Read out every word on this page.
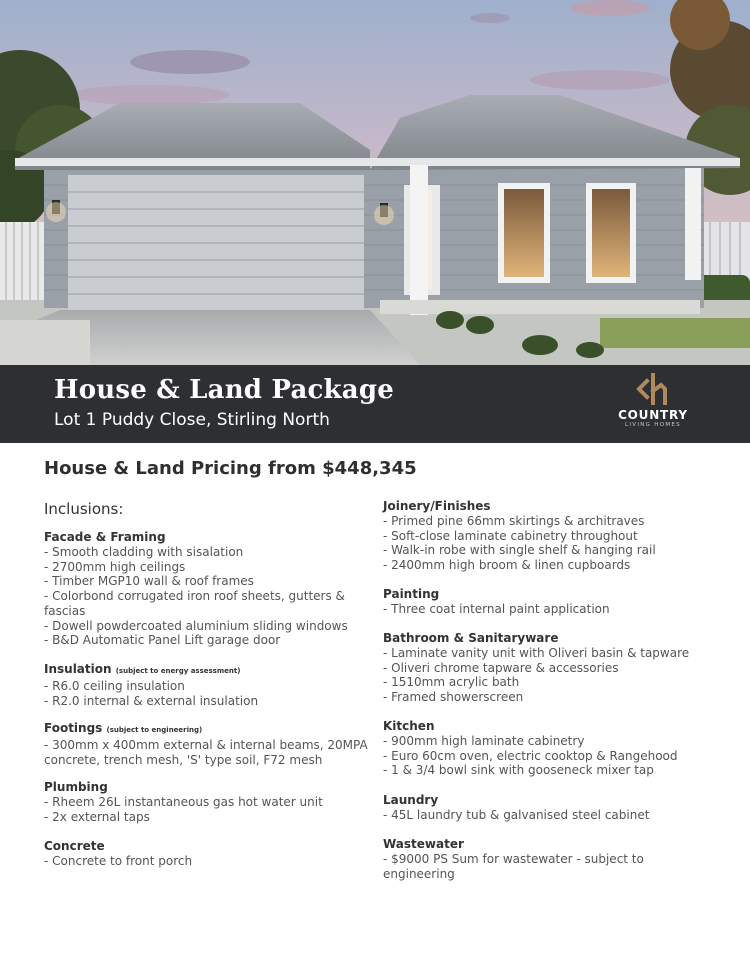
House & Land Package
Lot 1 Puddy Close, Stirling North	COUNTRY
LIVING HOMES
House & Land Pricing from $448,345
Inclusions:
Facade & Framing
- Smooth cladding with sisalation
- 2700mm high ceilings
- Timber MGP10 wall & roof frames
- Colorbond corrugated iron roof sheets, gutters &
fascias
- Dowell powdercoated aluminium sliding windows
- B&D Automatic Panel Lift garage door
Insulation (subject to energy assessment)
- R6.0 ceiling insulation
- R2.0 internal & external insulation
Footings (subject to engineering)
- 300mm x 400mm external & internal beams, 20MPA
concrete, trench mesh, 'S' type soil, F72 mesh
Plumbing
- Rheem 26L instantaneous gas hot water unit
- 2x external taps
Concrete
- Concrete to front porch
Joinery/Finishes
- Primed pine 66mm skirtings & architraves
- Soft-close laminate cabinetry throughout
- Walk-in robe with single shelf & hanging rail
- 2400mm high broom & linen cupboards
Painting
- Three coat internal paint application
Bathroom & Sanitaryware
- Laminate vanity unit with Oliveri basin & tapware
- Oliveri chrome tapware & accessories
- 1510mm acrylic bath
- Framed showerscreen
Kitchen
- 900mm high laminate cabinetry
- Euro 60cm oven, electric cooktop & Rangehood
- 1 & 3/4 bowl sink with gooseneck mixer tap
Laundry
- 45L laundry tub & galvanised steel cabinet
Wastewater
- $9000 PS Sum for wastewater - subject to
engineering
